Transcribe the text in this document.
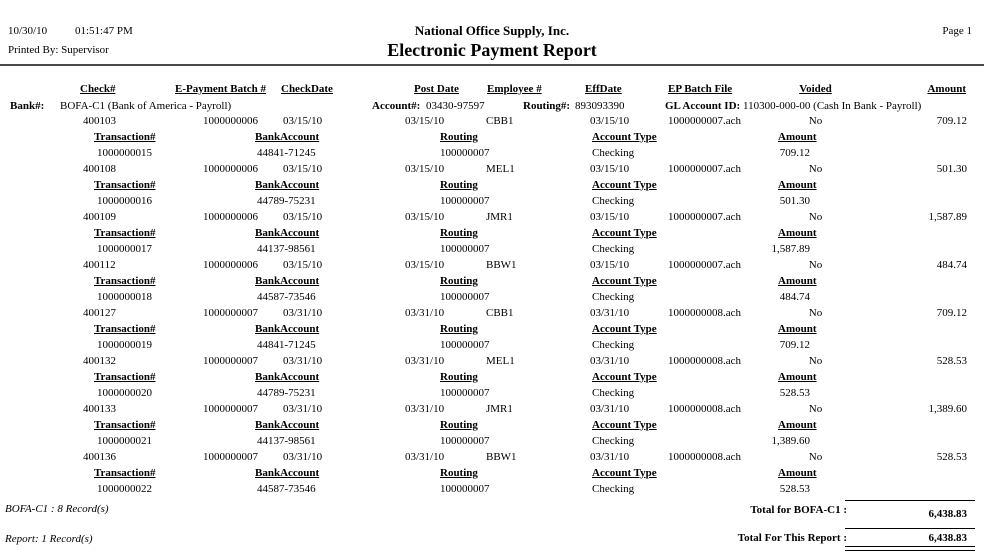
10/30/10	01:51:47 PM
Printed By: Supervisor
National Office Supply, Inc.
Electronic Payment Report
Page 1
Check#	E-Payment Batch # CheckDate	Post Date	Employee #	EffDate	EP Batch File	Voided	Amount
Bank#: BOFA-C1 (Bank of America - Payroll)	Account#: 03430-97597	Routing#: 893093390	GL Account ID: 110300-000-00 (Cash In Bank - Payroll)
400103	1000000006 03/15/10	03/15/10	CBB1	03/15/10	1000000007.ach	No	709.12
Transaction#	BankAccount	Routing	Account Type	Amount
1000000015	44841-71245	100000007	Checking	709.12
400108	1000000006 03/15/10	03/15/10	MEL1	03/15/10	1000000007.ach	No	501.30
Transaction#	BankAccount	Routing	Account Type	Amount
1000000016	44789-75231	100000007	Checking	501.30
400109	1000000006 03/15/10	03/15/10	JMR1	03/15/10	1000000007.ach	No	1,587.89
Transaction#	BankAccount	Routing	Account Type	Amount
1000000017	44137-98561	100000007	Checking	1,587.89
400112	1000000006 03/15/10	03/15/10	BBW1	03/15/10	1000000007.ach	No	484.74
Transaction#	BankAccount	Routing	Account Type	Amount
1000000018	44587-73546	100000007	Checking	484.74
400127	1000000007 03/31/10	03/31/10	CBB1	03/31/10	1000000008.ach	No	709.12
Transaction#	BankAccount	Routing	Account Type	Amount
1000000019	44841-71245	100000007	Checking	709.12
400132	1000000007 03/31/10	03/31/10	MEL1	03/31/10	1000000008.ach	No	528.53
Transaction#	BankAccount	Routing	Account Type	Amount
1000000020	44789-75231	100000007	Checking	528.53
400133	1000000007 03/31/10	03/31/10	JMR1	03/31/10	1000000008.ach	No	1,389.60
Transaction#	BankAccount	Routing	Account Type	Amount
1000000021	44137-98561	100000007	Checking	1,389.60
400136	1000000007 03/31/10	03/31/10	BBW1	03/31/10	1000000008.ach	No	528.53
Transaction#	BankAccount	Routing	Account Type	Amount
1000000022	44587-73546	100000007	Checking	528.53
BOFA-C1 : 8 Record(s)	Total for BOFA-C1 :	6,438.83
Report: 1 Record(s)	Total For This Report :	6,438.83
